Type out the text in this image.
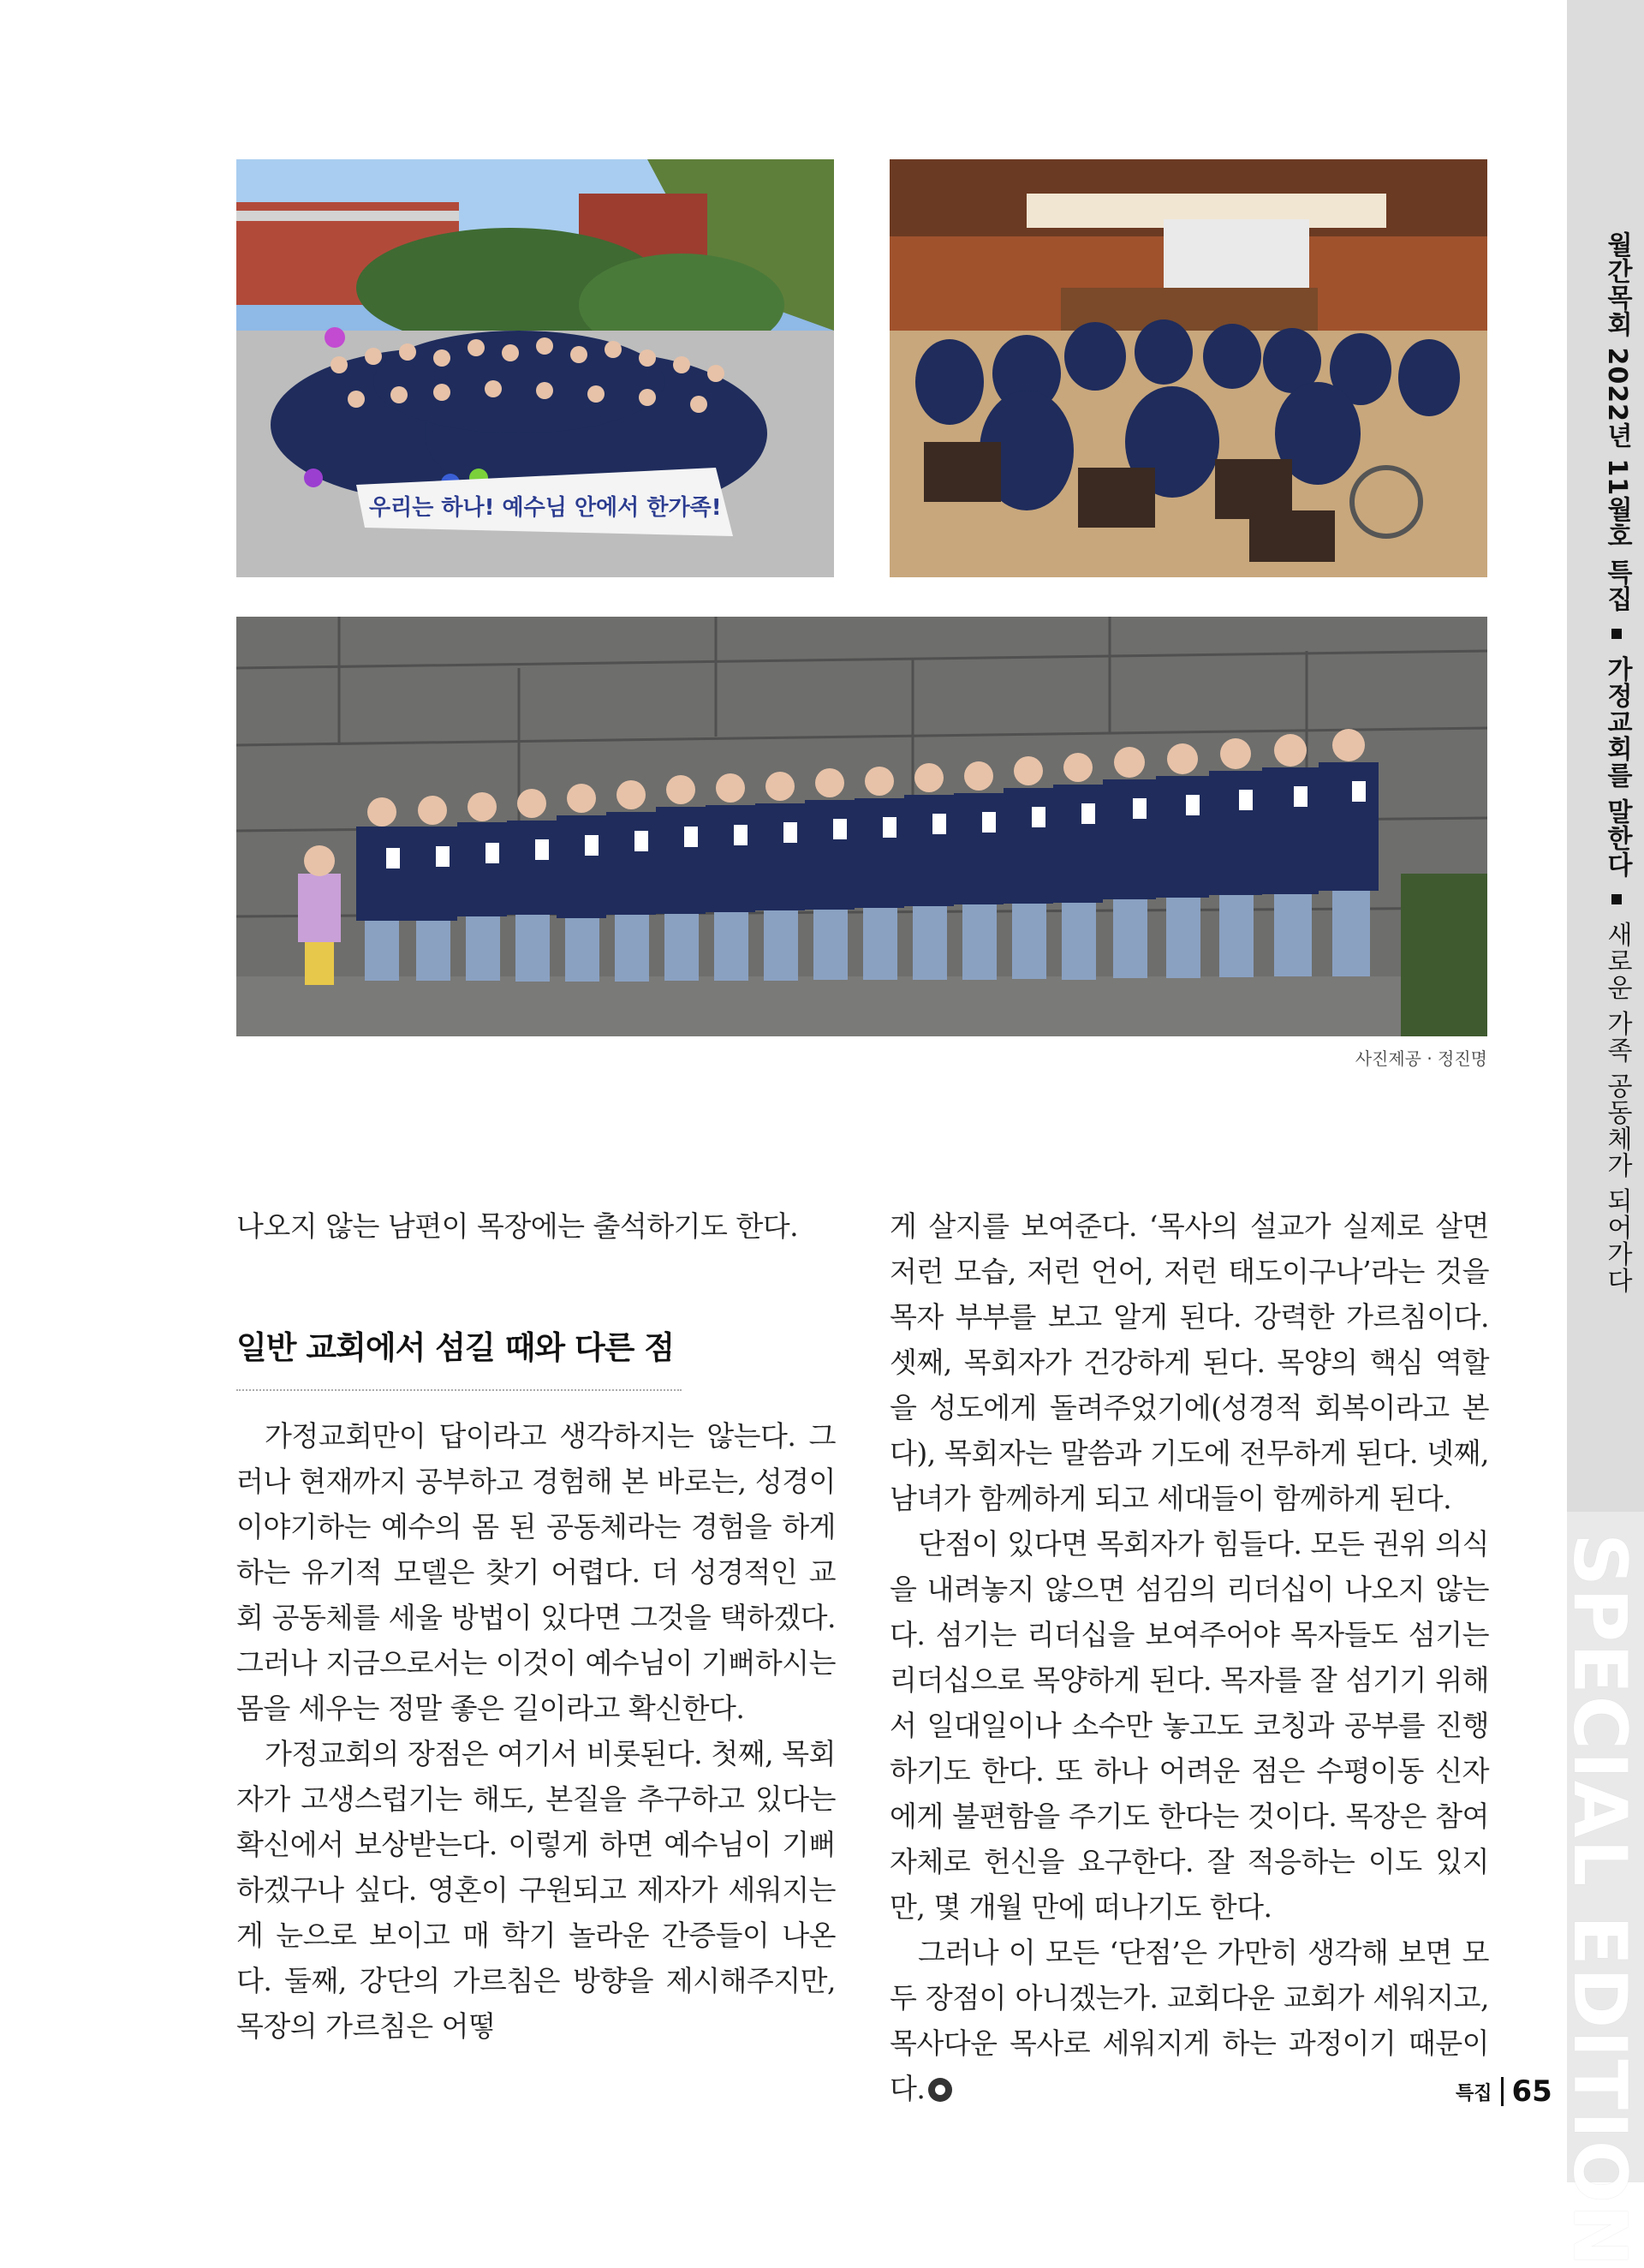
월간목회 2022년 11월호 특집  가정교회를 말한다  새로운 가족 공동체가 되어가다
SPECIAL EDITION
우리는 하나! 예수님 안에서 한가족!
사진제공 · 정진명

나오지 않는 남편이 목장에는 출석하기도 한다.

일반 교회에서 섬길 때와 다른 점

가정교회만이 답이라고 생각하지는 않는다. 그러나 현재까지 공부하고 경험해 본 바로는, 성경이 이야기하는 예수의 몸 된 공동체라는 경험을 하게 하는 유기적 모델은 찾기 어렵다. 더 성경적인 교회 공동체를 세울 방법이 있다면 그것을 택하겠다. 그러나 지금으로서는 이것이 예수님이 기뻐하시는 몸을 세우는 정말 좋은 길이라고 확신한다.

가정교회의 장점은 여기서 비롯된다. 첫째, 목회자가 고생스럽기는 해도, 본질을 추구하고 있다는 확신에서 보상받는다. 이렇게 하면 예수님이 기뻐하겠구나 싶다. 영혼이 구원되고 제자가 세워지는 게 눈으로 보이고 매 학기 놀라운 간증들이 나온다. 둘째, 강단의 가르침은 방향을 제시해주지만, 목장의 가르침은 어떻

게 살지를 보여준다. ‘목사의 설교가 실제로 살면 저런 모습, 저런 언어, 저런 태도이구나’라는 것을 목자 부부를 보고 알게 된다. 강력한 가르침이다. 셋째, 목회자가 건강하게 된다. 목양의 핵심 역할을 성도에게 돌려주었기에(성경적 회복이라고 본다), 목회자는 말씀과 기도에 전무하게 된다. 넷째, 남녀가 함께하게 되고 세대들이 함께하게 된다.

단점이 있다면 목회자가 힘들다. 모든 권위 의식을 내려놓지 않으면 섬김의 리더십이 나오지 않는다. 섬기는 리더십을 보여주어야 목자들도 섬기는 리더십으로 목양하게 된다. 목자를 잘 섬기기 위해서 일대일이나 소수만 놓고도 코칭과 공부를 진행하기도 한다. 또 하나 어려운 점은 수평이동 신자에게 불편함을 주기도 한다는 것이다. 목장은 참여 자체로 헌신을 요구한다. 잘 적응하는 이도 있지만, 몇 개월 만에 떠나기도 한다.

그러나 이 모든 ‘단점’은 가만히 생각해 보면 모두 장점이 아니겠는가. 교회다운 교회가 세워지고, 목사다운 목사로 세워지게 하는 과정이기 때문이다.	특집 65
